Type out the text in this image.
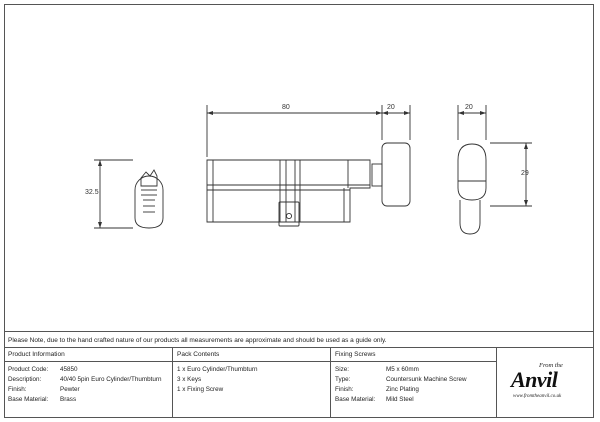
80	20	20
29
32.5
Please Note, due to the hand crafted nature of our products all measurements are approximate and should be used as a guide only.
Product Information
Product Code: 45850
Description:	40/40 5pin Euro Cylinder/Thumbturn
Finish:	Pewter
Base Material: Brass
Pack Contents
1 x Euro Cylinder/Thumbturn
3 x Keys
1 x Fixing Screw
Fixing Screws
Size:	M5 x 60mm
Type:	Countersunk Machine Screw
Finish:	Zinc Plating
Base Material: Mild Steel
From the
Anvil
www.fromtheanvil.co.uk
